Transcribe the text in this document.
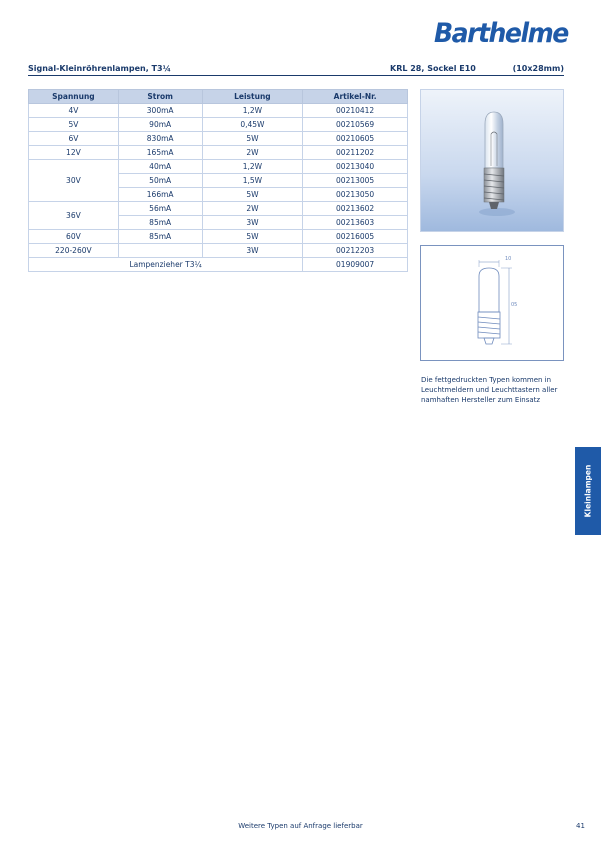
Barthelme
Signal-Kleinröhrenlampen, T3¼	KRL 28, Sockel E10	(10x28mm)
Spannung	Strom	Leistung	Artikel-Nr.
4V	300mA	1,2W	00210412
5V	90mA	0,45W	00210569
6V	830mA	5W	00210605
12V	165mA	2W	00211202
30V	40mA	1,2W	00213040
	50mA	1,5W	00213005
	166mA	5W	00213050
36V	56mA	2W	00213602
	85mA	3W	00213603
60V	85mA	5W	00216005
220-260V		3W	00212203
Lampenzieher T3¼			01909007
10
05
Die fettgedruckten Typen kommen in Leuchtmeldern und Leuchttastern aller namhaften Hersteller zum Einsatz
Kleinlampen
Weitere Typen auf Anfrage lieferbar	41
